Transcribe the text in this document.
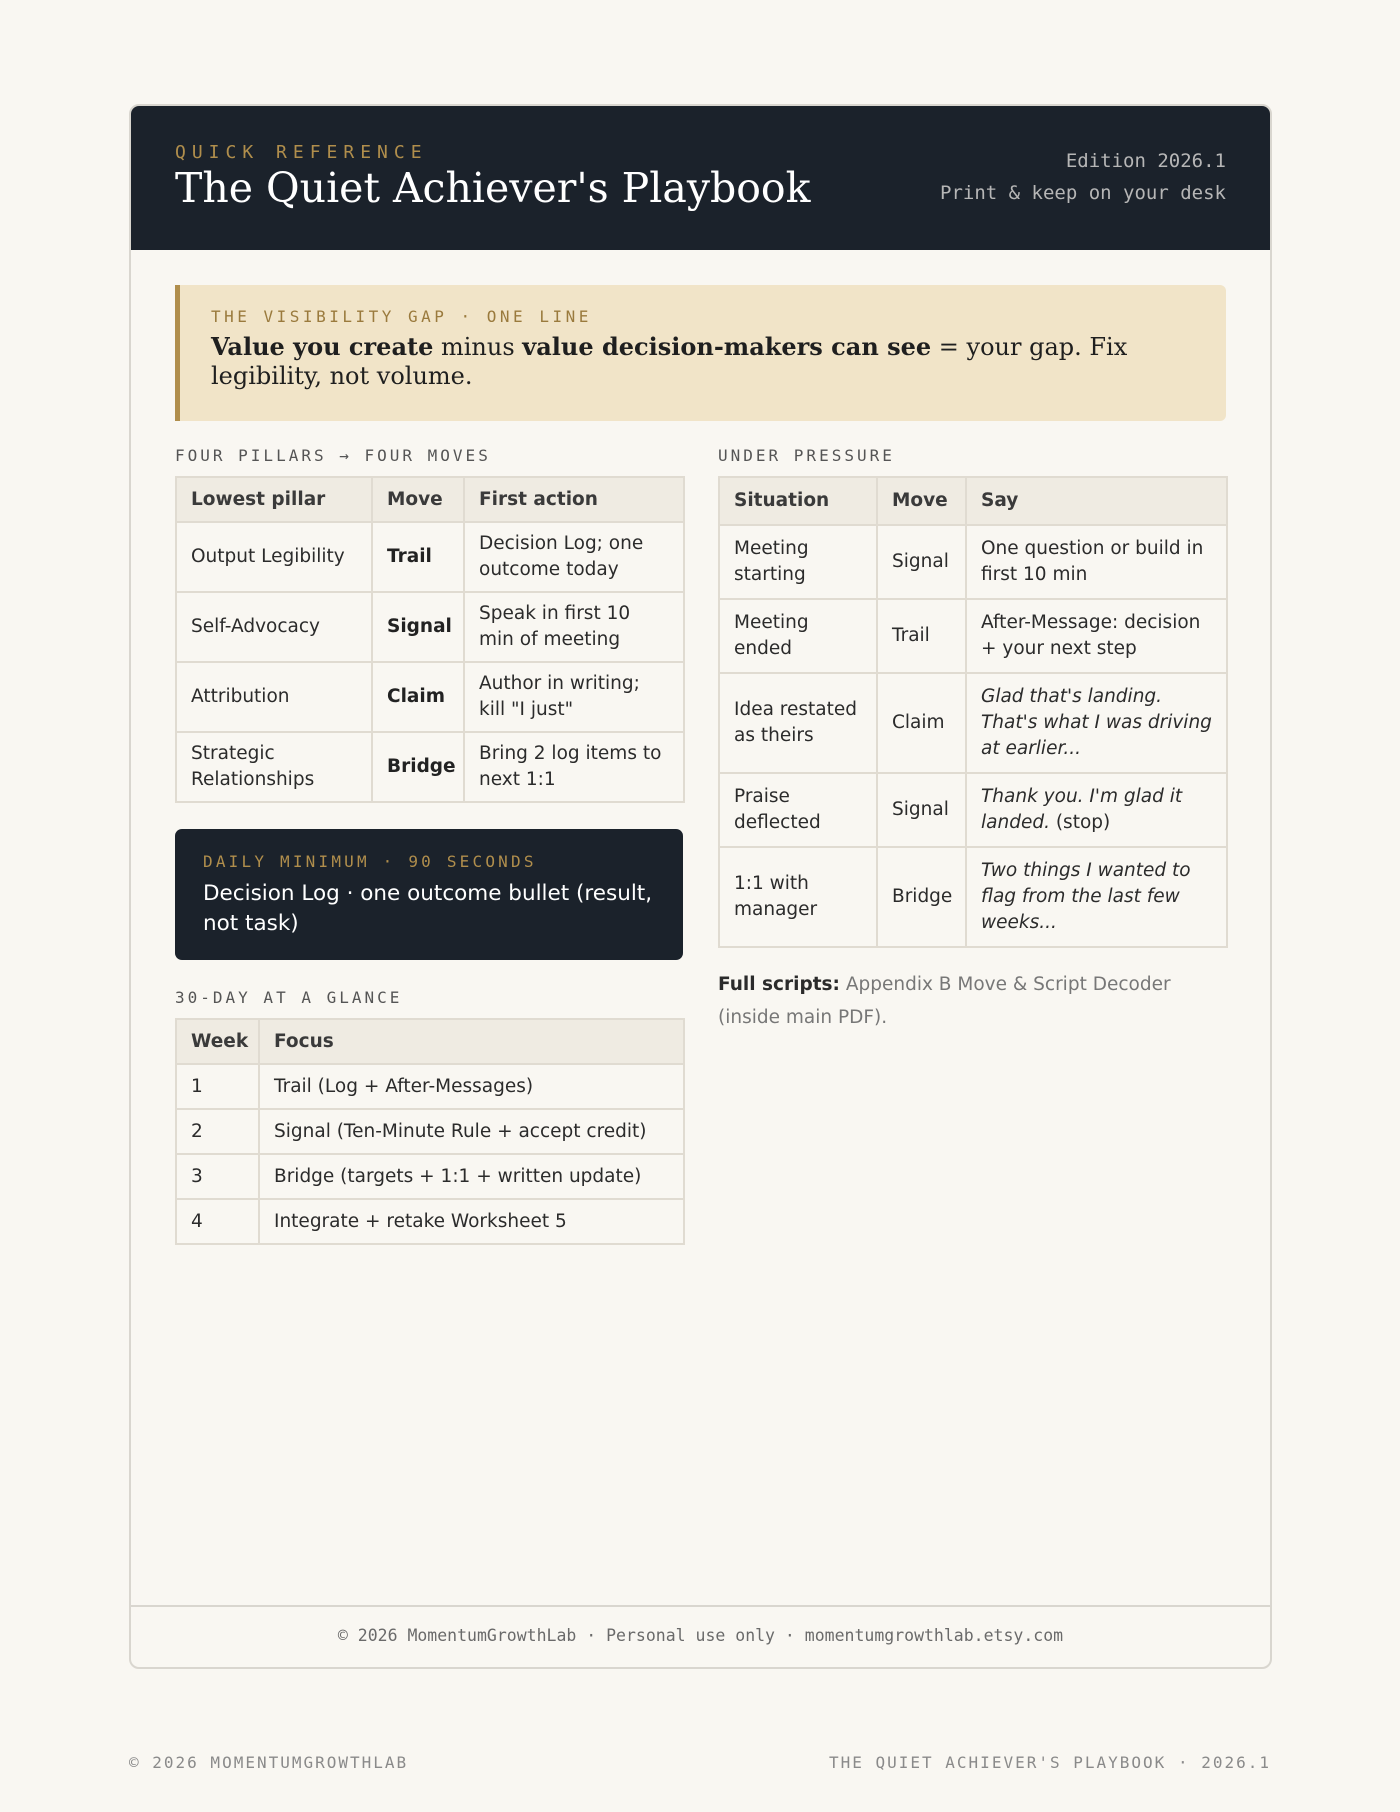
QUICK REFERENCE
The Quiet Achiever's Playbook
Edition 2026.1
Print & keep on your desk
THE VISIBILITY GAP · ONE LINE
Value you create minus value decision-makers can see = your gap. Fix legibility, not volume.
FOUR PILLARS → FOUR MOVES
Lowest pillar	Move	First action
Output Legibility	Trail	Decision Log; one outcome today
Self-Advocacy	Signal	Speak in first 10 min of meeting
Attribution	Claim	Author in writing; kill "I just"
Strategic Relationships	Bridge	Bring 2 log items to next 1:1
DAILY MINIMUM · 90 SECONDS
Decision Log · one outcome bullet (result, not task)
30-DAY AT A GLANCE
Week	Focus
1	Trail (Log + After-Messages)
2	Signal (Ten-Minute Rule + accept credit)
3	Bridge (targets + 1:1 + written update)
4	Integrate + retake Worksheet 5
UNDER PRESSURE
Situation	Move	Say
Meeting starting	Signal	One question or build in first 10 min
Meeting ended	Trail	After-Message: decision + your next step
Idea restated as theirs	Claim	Glad that's landing. That's what I was driving at earlier...
Praise deflected	Signal	Thank you. I'm glad it landed. (stop)
1:1 with manager	Bridge	Two things I wanted to flag from the last few weeks...
Full scripts: Appendix B Move & Script Decoder (inside main PDF).
© 2026 MomentumGrowthLab · Personal use only · momentumgrowthlab.etsy.com
© 2026 MOMENTUMGROWTHLAB	THE QUIET ACHIEVER'S PLAYBOOK · 2026.1
